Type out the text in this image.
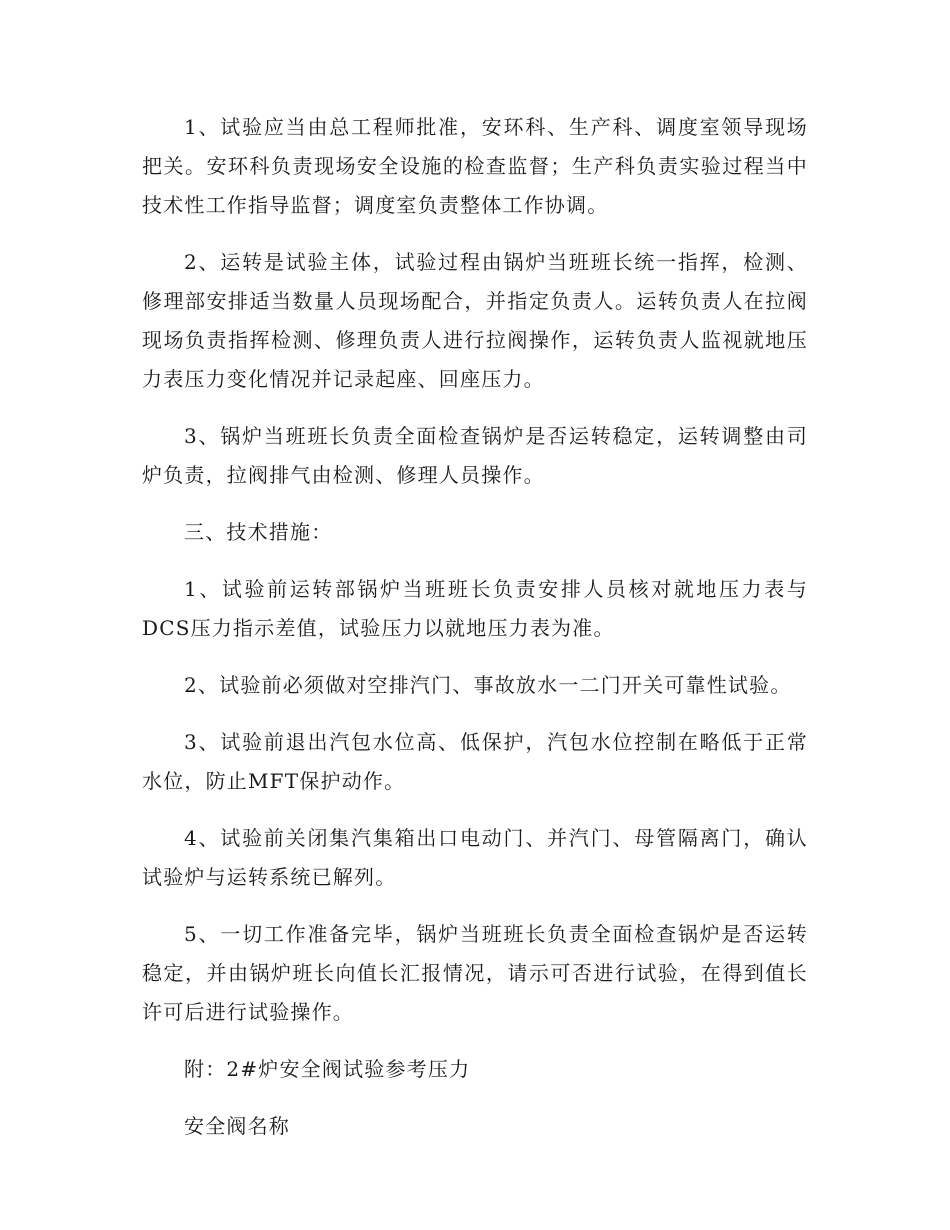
1、试验应当由总工程师批准，安环科、生产科、调度室领导现场把关。安环科负责现场安全设施的检查监督；生产科负责实验过程当中技术性工作指导监督；调度室负责整体工作协调。

2、运转是试验主体，试验过程由锅炉当班班长统一指挥，检测、修理部安排适当数量人员现场配合，并指定负责人。运转负责人在拉阀现场负责指挥检测、修理负责人进行拉阀操作，运转负责人监视就地压力表压力变化情况并记录起座、回座压力。

3、锅炉当班班长负责全面检查锅炉是否运转稳定，运转调整由司炉负责，拉阀排气由检测、修理人员操作。

三、技术措施：

1、试验前运转部锅炉当班班长负责安排人员核对就地压力表与DCS压力指示差值，试验压力以就地压力表为准。

2、试验前必须做对空排汽门、事故放水一二门开关可靠性试验。

3、试验前退出汽包水位高、低保护，汽包水位控制在略低于正常水位，防止MFT保护动作。

4、试验前关闭集汽集箱出口电动门、并汽门、母管隔离门，确认试验炉与运转系统已解列。

5、一切工作准备完毕，锅炉当班班长负责全面检查锅炉是否运转稳定，并由锅炉班长向值长汇报情况，请示可否进行试验，在得到值长许可后进行试验操作。

附：2#炉安全阀试验参考压力

安全阀名称
